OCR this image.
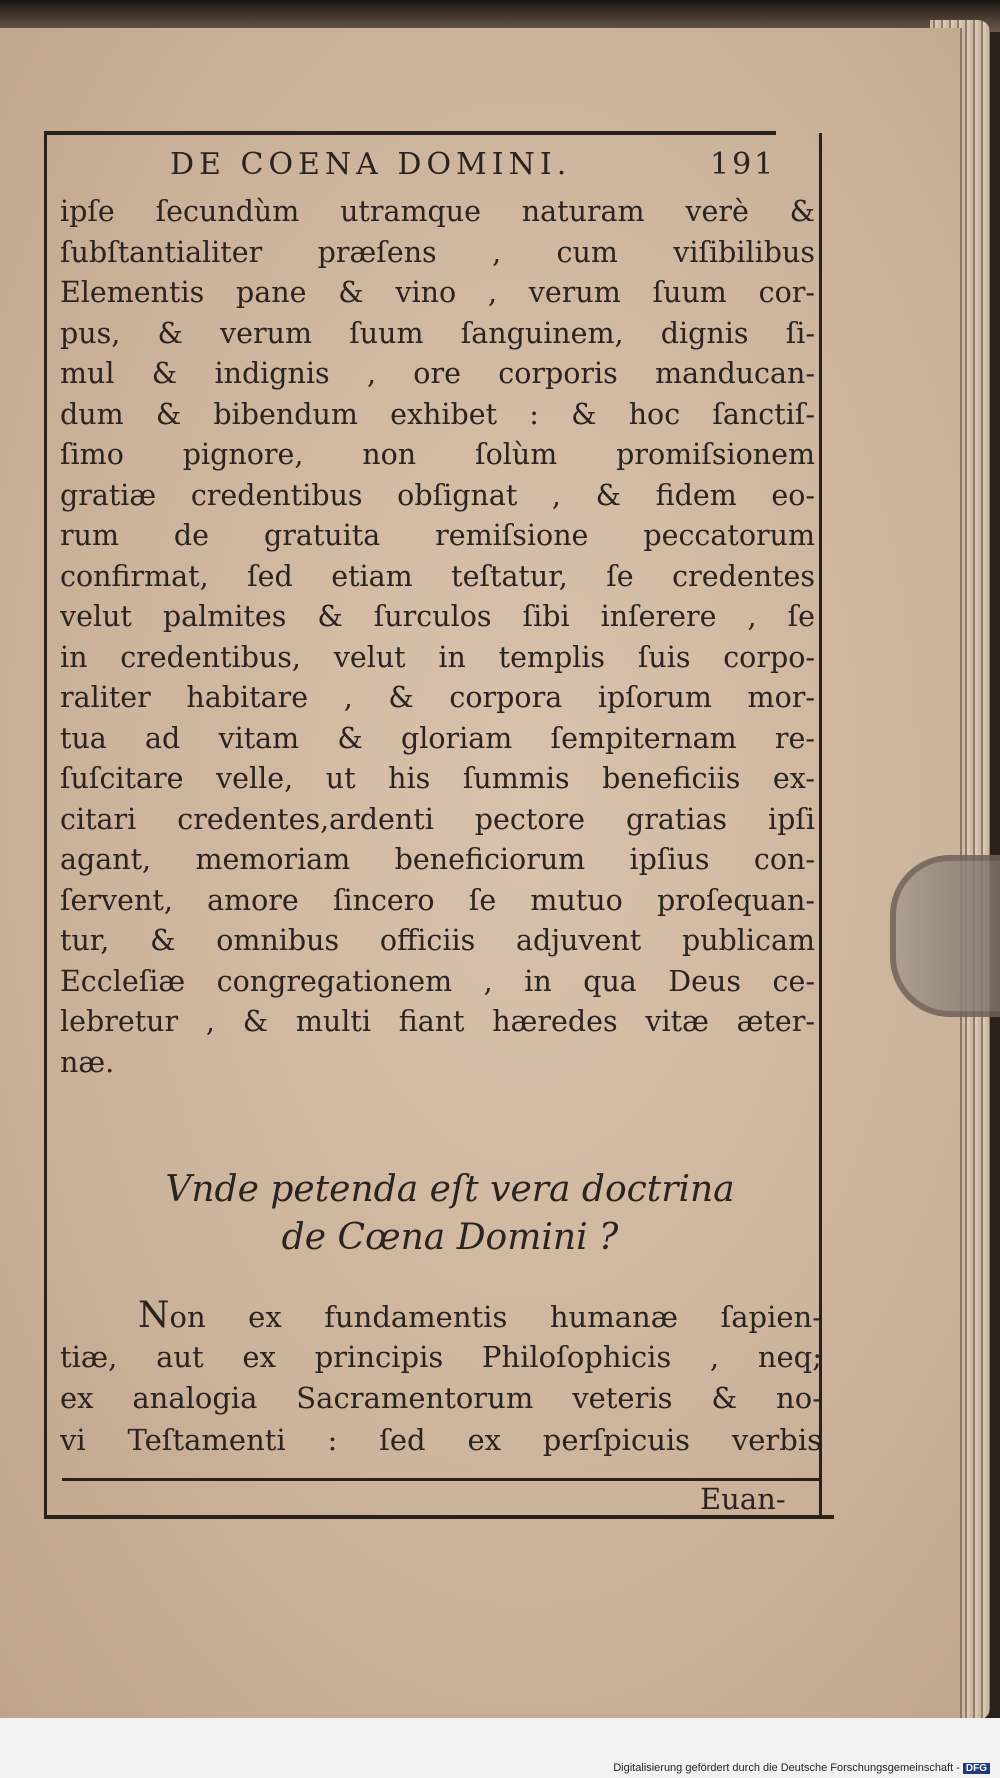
DE COENA DOMINI.	191
ipſe ſecundùm utramque naturam verè &
ſubſtantialiter præſens , cum viſibilibus
Elementis pane & vino , verum ſuum cor-
pus, & verum ſuum ſanguinem, dignis ſi-
mul & indignis , ore corporis manducan-
dum & bibendum exhibet : & hoc ſanctiſ-
ſimo pignore, non ſolùm promiſsionem
gratiæ credentibus obſignat , & fidem eo-
rum de gratuita remiſsione peccatorum
confirmat, ſed etiam teſtatur, ſe credentes
velut palmites & ſurculos ſibi inſerere , ſe
in credentibus, velut in templis ſuis corpo-
raliter habitare , & corpora ipſorum mor-
tua ad vitam & gloriam ſempiternam re-
ſuſcitare velle, ut his ſummis beneficiis ex-
citari credentes,ardenti pectore gratias ipſi
agant, memoriam beneficiorum ipſius con-
ſervent, amore ſincero ſe mutuo proſequan-
tur, & omnibus officiis adjuvent publicam
Eccleſiæ congregationem , in qua Deus ce-
lebretur , & multi fiant hæredes vitæ æter-
næ.
Vnde petenda eſt vera doctrina
de Cœna Domini ?
Non ex fundamentis humanæ ſapien-
tiæ, aut ex principis Philoſophicis , neq;
ex analogia Sacramentorum veteris & no-
vi Teſtamenti : ſed ex perſpicuis verbis
Euan-
Digitalisierung gefördert durch die Deutsche Forschungsgemeinschaft - DFG
